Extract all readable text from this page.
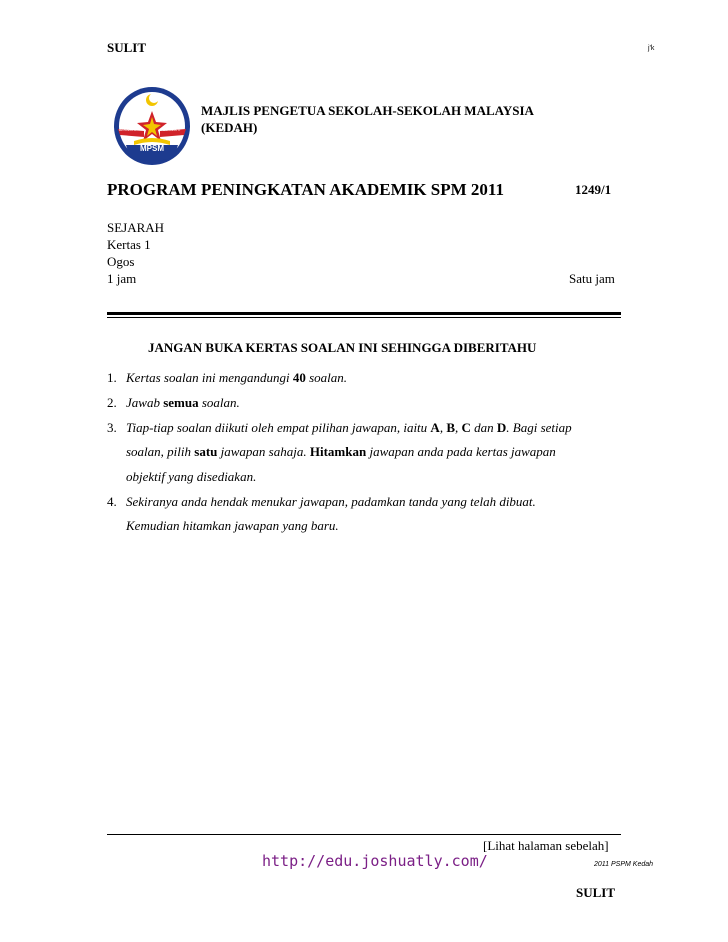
SULIT	j'k
MPSM
BERBAKTI	BERBAKTI
MAJLIS PENGETUA SEKOLAH-SEKOLAH MALAYSIA
(KEDAH)
PROGRAM PENINGKATAN AKADEMIK SPM 2011	1249/1
SEJARAH
Kertas 1
Ogos
1 jam	Satu jam
JANGAN BUKA KERTAS SOALAN INI SEHINGGA DIBERITAHU
1. Kertas soalan ini mengandungi 40 soalan.
2. Jawab semua soalan.
3. Tiap-tiap soalan diikuti oleh empat pilihan jawapan, iaitu A, B, C dan D. Bagi setiap
soalan, pilih satu jawapan sahaja. Hitamkan jawapan anda pada kertas jawapan
objektif yang disediakan.
4. Sekiranya anda hendak menukar jawapan, padamkan tanda yang telah dibuat.
Kemudian hitamkan jawapan yang baru.
[Lihat halaman sebelah]
http://edu.joshuatly.com/	2011 PSPM Kedah
SULIT
